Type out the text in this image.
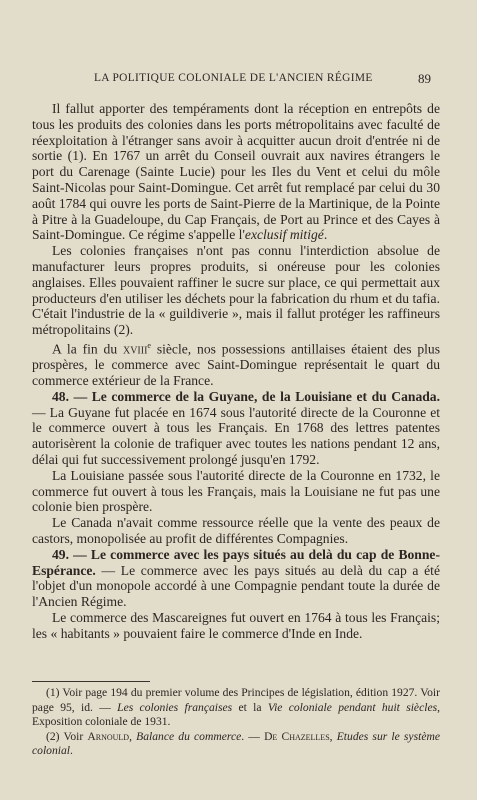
LA POLITIQUE COLONIALE DE L'ANCIEN RÉGIME	89

Il fallut apporter des tempéraments dont la réception en entrepôts de tous les produits des colonies dans les ports métropolitains avec faculté de réexploitation à l'étranger sans avoir à acquitter aucun droit d'entrée ni de sortie (1). En 1767 un arrêt du Conseil ouvrait aux navires étrangers le port du Carenage (Sainte Lucie) pour les Iles du Vent et celui du môle Saint-Nicolas pour Saint-Domingue. Cet arrêt fut remplacé par celui du 30 août 1784 qui ouvre les ports de Saint-Pierre de la Martinique, de la Pointe à Pitre à la Guadeloupe, du Cap Français, de Port au Prince et des Cayes à Saint-Domingue. Ce régime s'appelle l'exclusif mitigé.

Les colonies françaises n'ont pas connu l'interdiction absolue de manufacturer leurs propres produits, si onéreuse pour les colonies anglaises. Elles pouvaient raffiner le sucre sur place, ce qui permettait aux producteurs d'en utiliser les déchets pour la fabrication du rhum et du tafia. C'était l'industrie de la « guildiverie », mais il fallut protéger les raffineurs métropolitains (2).

A la fin du xviii$^e$ siècle, nos possessions antillaises étaient des plus prospères, le commerce avec Saint-Domingue représentait le quart du commerce extérieur de la France.

48. — Le commerce de la Guyane, de la Louisiane et du Canada. — La Guyane fut placée en 1674 sous l'autorité directe de la Couronne et le commerce ouvert à tous les Français. En 1768 des lettres patentes autorisèrent la colonie de trafiquer avec toutes les nations pendant 12 ans, délai qui fut successivement prolongé jusqu'en 1792.

La Louisiane passée sous l'autorité directe de la Couronne en 1732, le commerce fut ouvert à tous les Français, mais la Louisiane ne fut pas une colonie bien prospère.

Le Canada n'avait comme ressource réelle que la vente des peaux de castors, monopolisée au profit de différentes Compagnies.

49. — Le commerce avec les pays situés au delà du cap de Bonne-Espérance. — Le commerce avec les pays situés au delà du cap a été l'objet d'un monopole accordé à une Compagnie pendant toute la durée de l'Ancien Régime.

Le commerce des Mascareignes fut ouvert en 1764 à tous les Français; les « habitants » pouvaient faire le commerce d'Inde en Inde.

(1) Voir page 194 du premier volume des Principes de législation, édition 1927. Voir page 95, id. — Les colonies françaises et la Vie coloniale pendant huit siècles, Exposition coloniale de 1931.

(2) Voir Arnould, Balance du commerce. — De Chazelles, Etudes sur le système colonial.
